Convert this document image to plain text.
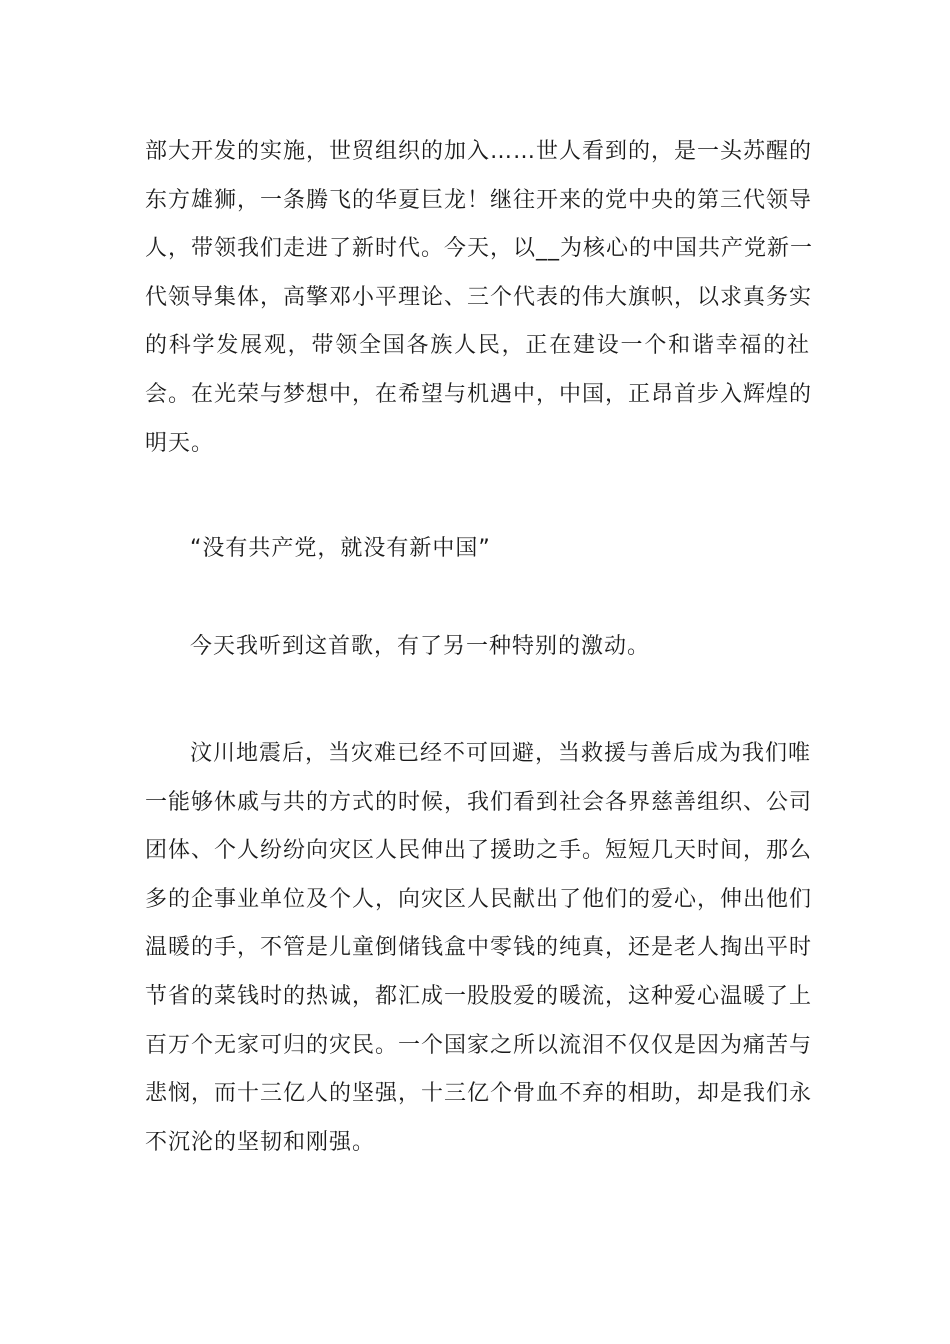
部大开发的实施，世贸组织的加入……世人看到的，是一头苏醒的
东方雄狮，一条腾飞的华夏巨龙！继往开来的党中央的第三代领导
人，带领我们走进了新时代。今天，以__为核心的中国共产党新一
代领导集体，高擎邓小平理论、三个代表的伟大旗帜，以求真务实
的科学发展观，带领全国各族人民，正在建设一个和谐幸福的社
会。在光荣与梦想中，在希望与机遇中，中国，正昂首步入辉煌的
明天。

“没有共产党，就没有新中国”

今天我听到这首歌，有了另一种特别的激动。

汶川地震后，当灾难已经不可回避，当救援与善后成为我们唯
一能够休戚与共的方式的时候，我们看到社会各界慈善组织、公司
团体、个人纷纷向灾区人民伸出了援助之手。短短几天时间，那么
多的企事业单位及个人，向灾区人民献出了他们的爱心，伸出他们
温暖的手，不管是儿童倒储钱盒中零钱的纯真，还是老人掏出平时
节省的菜钱时的热诚，都汇成一股股爱的暖流，这种爱心温暖了上
百万个无家可归的灾民。一个国家之所以流泪不仅仅是因为痛苦与
悲悯，而十三亿人的坚强，十三亿个骨血不弃的相助，却是我们永
不沉沦的坚韧和刚强。
